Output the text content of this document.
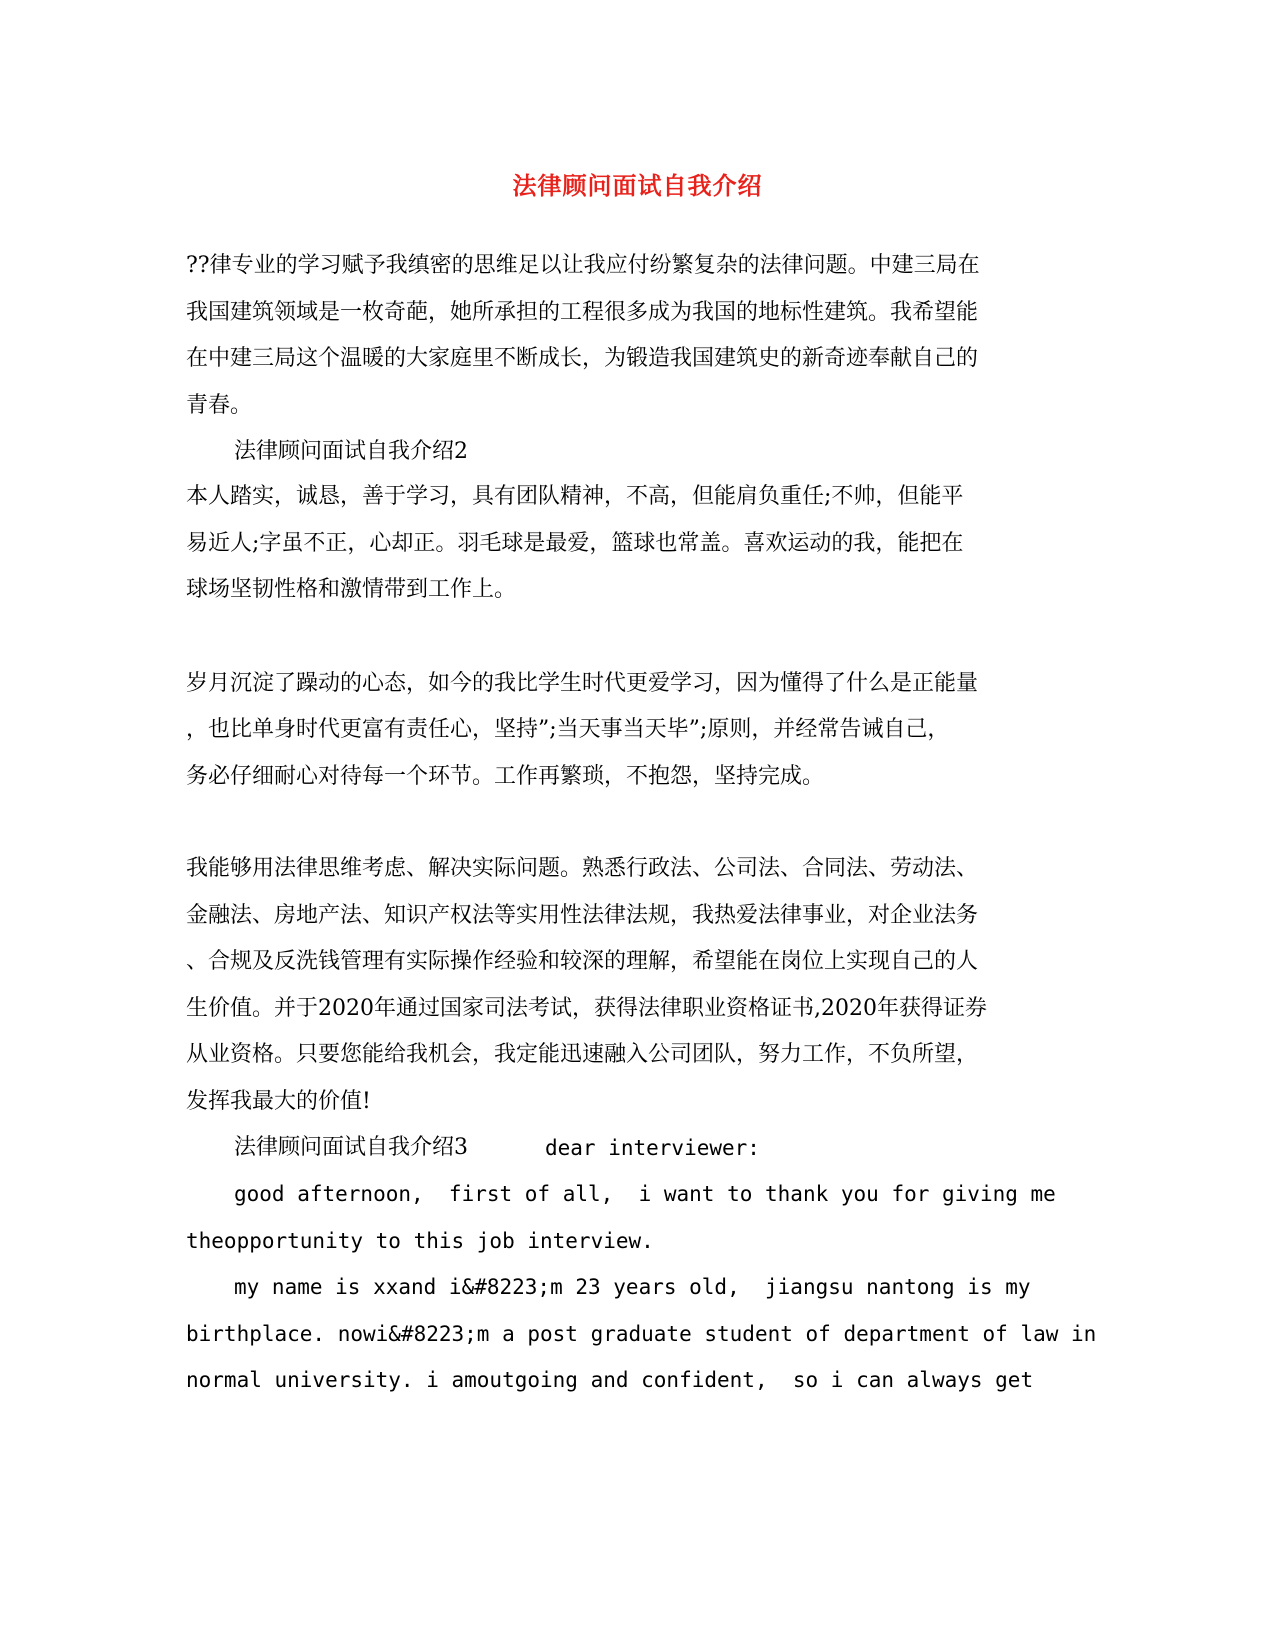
法律顾问面试自我介绍
??律专业的学习赋予我缜密的思维足以让我应付纷繁复杂的法律问题。中建三局在
我国建筑领域是一枚奇葩，她所承担的工程很多成为我国的地标性建筑。我希望能
在中建三局这个温暖的大家庭里不断成长，为锻造我国建筑史的新奇迹奉献自己的
青春。
法律顾问面试自我介绍2
本人踏实，诚恳，善于学习，具有团队精神，不高，但能肩负重任;不帅，但能平
易近人;字虽不正，心却正。羽毛球是最爱，篮球也常盖。喜欢运动的我，能把在
球场坚韧性格和激情带到工作上。
岁月沉淀了躁动的心态，如今的我比学生时代更爱学习，因为懂得了什么是正能量
，也比单身时代更富有责任心，坚持”;当天事当天毕”;原则，并经常告诫自己，
务必仔细耐心对待每一个环节。工作再繁琐，不抱怨，坚持完成。
我能够用法律思维考虑、解决实际问题。熟悉行政法、公司法、合同法、劳动法、
金融法、房地产法、知识产权法等实用性法律法规，我热爱法律事业，对企业法务
、合规及反洗钱管理有实际操作经验和较深的理解，希望能在岗位上实现自己的人
生价值。并于2020年通过国家司法考试，获得法律职业资格证书,2020年获得证券
从业资格。只要您能给我机会，我定能迅速融入公司团队，努力工作，不负所望，
发挥我最大的价值!
法律顾问面试自我介绍3	dear interviewer:
good afternoon,  first of all,  i want to thank you for giving me
theopportunity to this job interview.
my name is xxand i&#8223;m 23 years old,  jiangsu nantong is my
birthplace. nowi&#8223;m a post graduate student of department of law in
normal university. i amoutgoing and confident,  so i can always get
